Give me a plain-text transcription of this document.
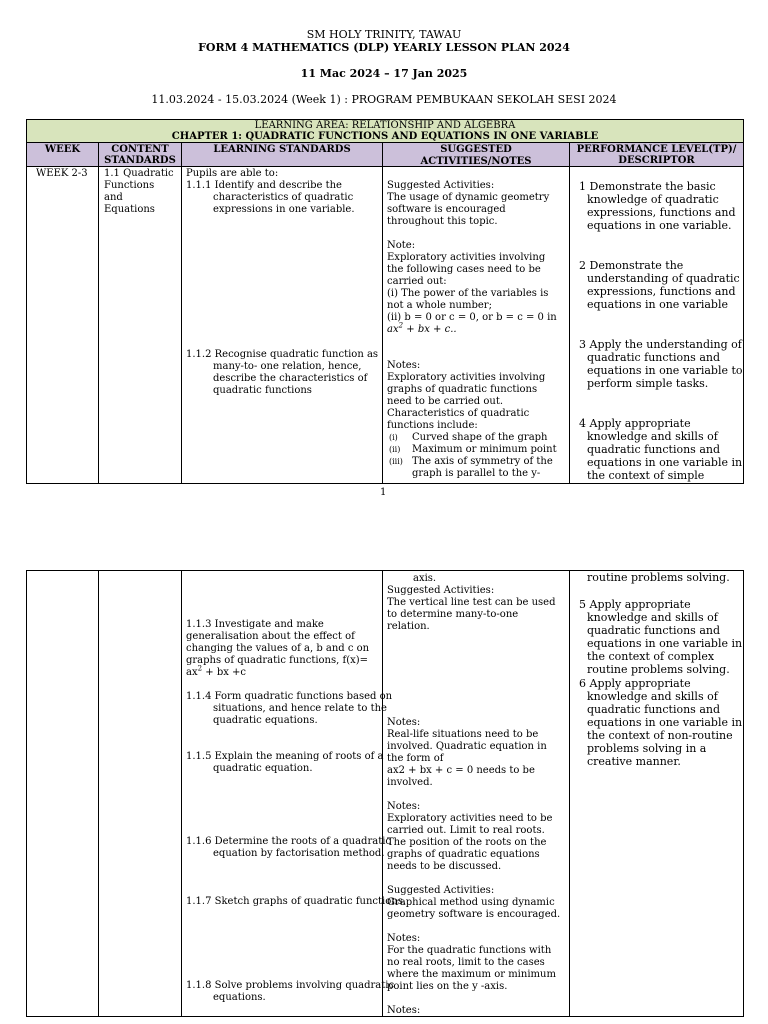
SM HOLY TRINITY, TAWAU
FORM 4 MATHEMATICS (DLP) YEARLY LESSON PLAN 2024
11 Mac 2024 – 17 Jan 2025
11.03.2024 - 15.03.2024 (Week 1) : PROGRAM PEMBUKAAN SEKOLAH SESI 2024
LEARNING AREA: RELATIONSHIP AND ALGEBRA
CHAPTER 1: QUADRATIC FUNCTIONS AND EQUATIONS IN ONE VARIABLE
WEEK	CONTENT
STANDARDS
LEARNING STANDARDS	SUGGESTED ACTIVITIES/NOTES
PERFORMANCE LEVEL(TP)/
DESCRIPTOR
WEEK 2-3 1.1 Quadratic
Functions
and
Equations
Pupils are able to:
1.1.1 Identify and describe the characteristics of quadratic expressions in one variable.
1.1.2 Recognise quadratic function as many-to- one relation, hence, describe the characteristics of quadratic functions
Suggested Activities:
The usage of dynamic geometry software is encouraged throughout this topic.
Note:
Exploratory activities involving the following cases need to be carried out:
(i) The power of the variables is not a whole number;
(ii) b = 0 or c = 0, or b = c = 0 in
$ax^2$ + bx + c..
Notes:
Exploratory activities involving graphs of quadratic functions need to be carried out.
Characteristics of quadratic functions include:
(i) Curved shape of the graph
(ii) Maximum or minimum point
(iii) The axis of symmetry of the graph is parallel to the y-
1 Demonstrate the basic knowledge of quadratic expressions, functions and equations in one variable.
2 Demonstrate the understanding of quadratic expressions, functions and equations in one variable
3 Apply the understanding of quadratic functions and equations in one variable to perform simple tasks.
4 Apply appropriate knowledge and skills of quadratic functions and equations in one variable in the context of simple
1
axis.
Suggested Activities:
The vertical line test can be used to determine many-to-one relation.
Notes:
Real-life situations need to be involved. Quadratic equation in the form of
ax2 + bx + c = 0 needs to be involved.
Notes:
Exploratory activities need to be carried out. Limit to real roots. The position of the roots on the graphs of quadratic equations needs to be discussed.
Suggested Activities:
Graphical method using dynamic geometry software is encouraged.
Notes:
For the quadratic functions with no real roots, limit to the cases where the maximum or minimum point lies on the y -axis.
Notes:
1.1.3 Investigate and make generalisation about the effect of changing the values of a, b and c on graphs of quadratic functions, f(x)=
$ax^2$ + bx +c
1.1.4 Form quadratic functions based on situations, and hence relate to the quadratic equations.
1.1.5 Explain the meaning of roots of a quadratic equation.
1.1.6 Determine the roots of a quadratic equation by factorisation method.
1.1.7 Sketch graphs of quadratic functions.
1.1.8 Solve problems involving quadratic equations.
routine problems solving.
5 Apply appropriate knowledge and skills of quadratic functions and equations in one variable in the context of complex routine problems solving.
6 Apply appropriate knowledge and skills of quadratic functions and equations in one variable in the context of non-routine problems solving in a creative manner.
